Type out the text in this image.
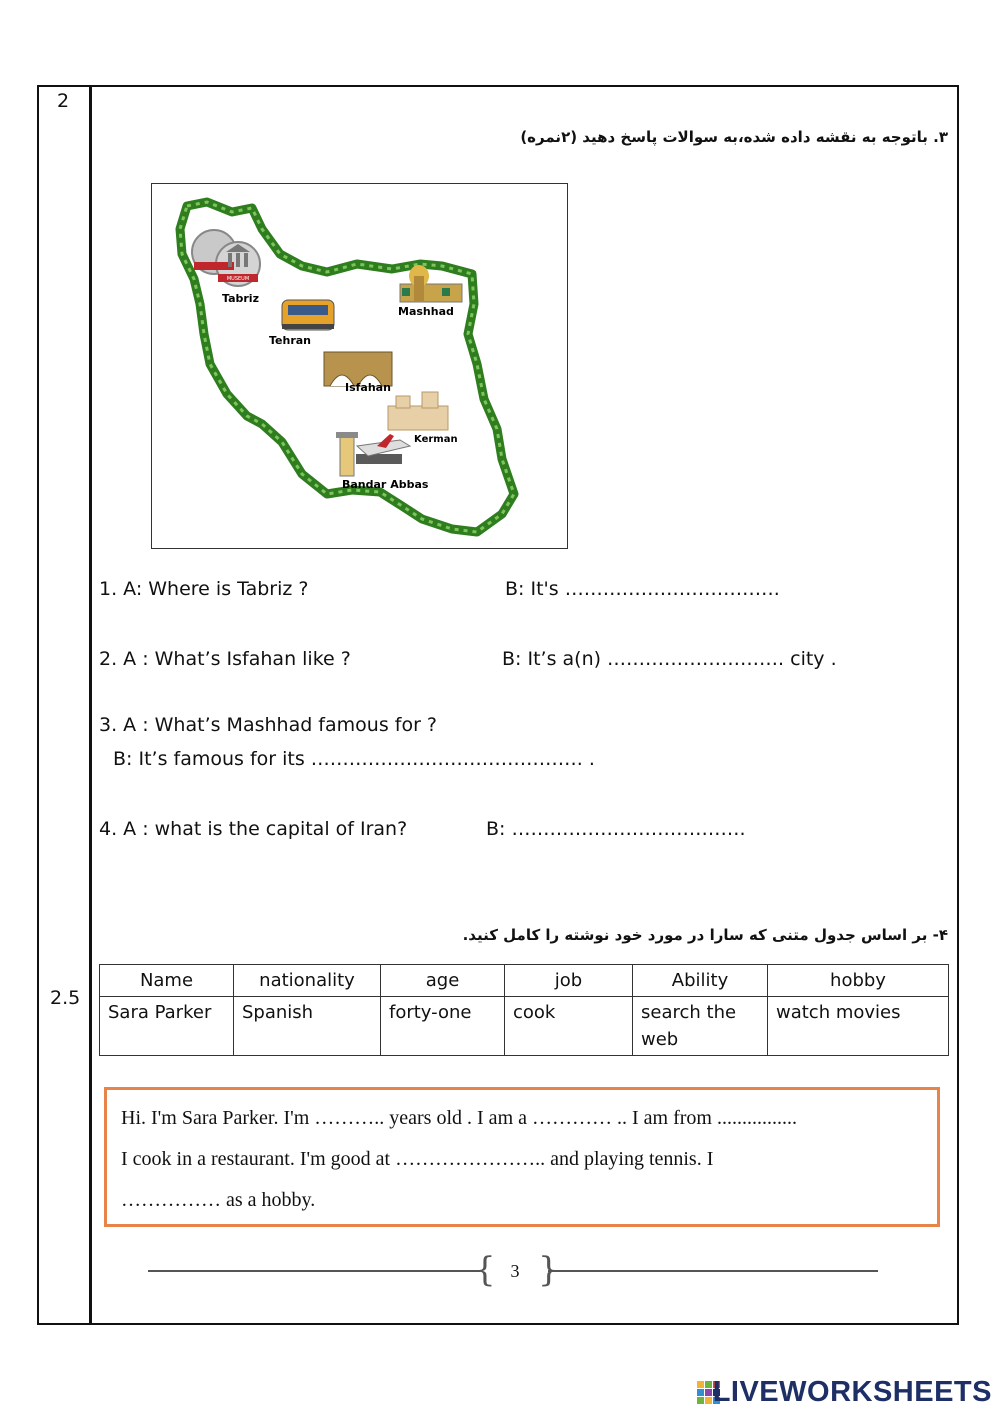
2
2.5
۳. باتوجه به نقشه داده شده،به سوالات پاسخ دهید (۲نمره)
MUSEUM
Tabriz
Tehran
Mashhad
Isfahan
Kerman
Bandar Abbas
1. A: Where is Tabriz ?	B: It's …………………………….
2. A : What’s Isfahan like ?	B: It’s a(n) ………………………. city .
3. A : What’s Mashhad famous for ?
B: It’s famous for its ……………………………………. .
4. A : what is the capital of Iran?	B: ……………………………….
۴- بر اساس جدول متنی که سارا در مورد خود نوشته را کامل کنید.
Name	nationality	age	job	Ability	hobby
Sara Parker	Spanish	forty-one	cook	search the web	watch movies
Hi. I'm Sara Parker. I'm ……….. years old . I am a ………… .. I am from ................
I cook in a restaurant. I'm good at ………………….. and playing tennis. I
…………… as a hobby.
{ }
3
LIVEWORKSHEETS
